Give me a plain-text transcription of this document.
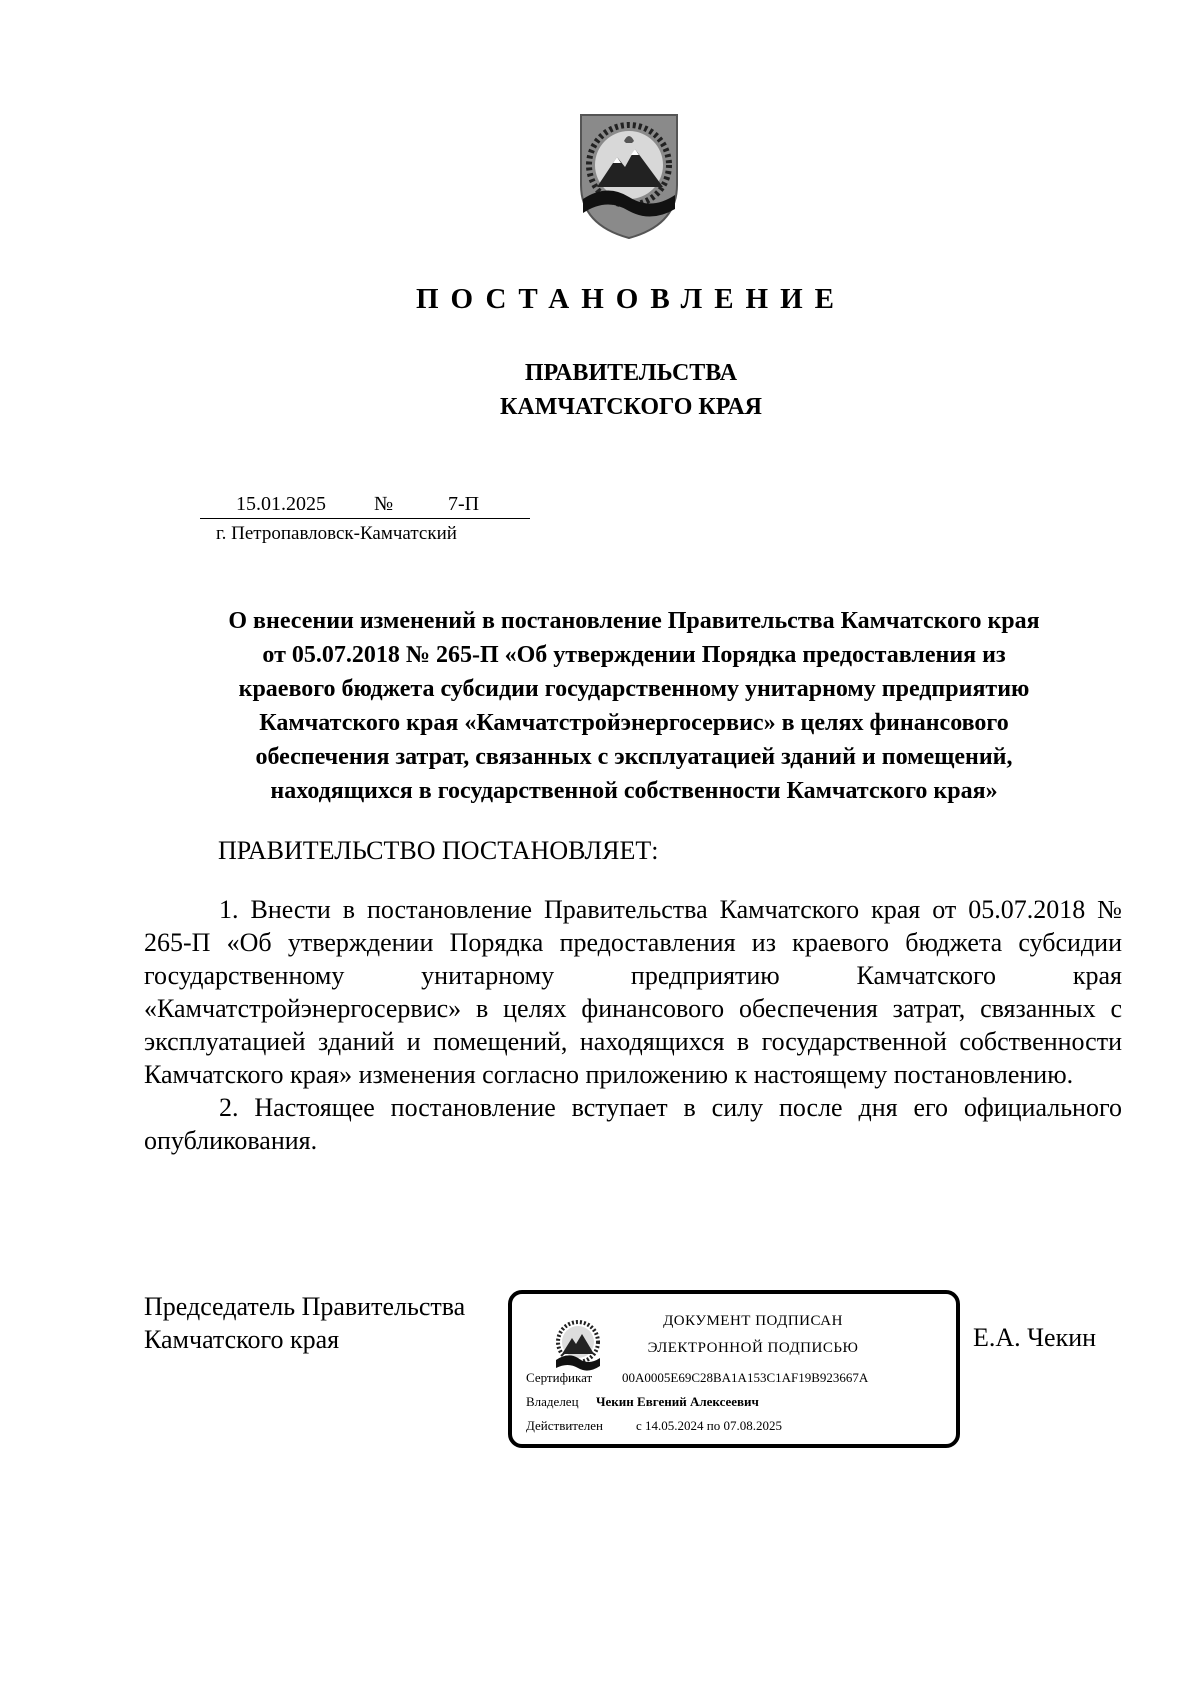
ПОСТАНОВЛЕНИЕ
ПРАВИТЕЛЬСТВА
КАМЧАТСКОГО КРАЯ
15.01.2025 №	7-П
г. Петропавловск-Камчатский
О внесении изменений в постановление Правительства Камчатского края
от 05.07.2018 № 265-П «Об утверждении Порядка предоставления из
краевого бюджета субсидии государственному унитарному предприятию
Камчатского края «Камчатстройэнергосервис» в целях финансового
обеспечения затрат, связанных с эксплуатацией зданий и помещений,
находящихся в государственной собственности Камчатского края»
ПРАВИТЕЛЬСТВО ПОСТАНОВЛЯЕТ:

1. Внести в постановление Правительства Камчатского края от 05.07.2018 № 265-П «Об утверждении Порядка предоставления из краевого бюджета субсидии государственному унитарному предприятию Камчатского края «Камчатстройэнергосервис» в целях финансового обеспечения затрат, связанных с эксплуатацией зданий и помещений, находящихся в государственной собственности Камчатского края» изменения согласно приложению к настоящему постановлению.

2. Настоящее постановление вступает в силу после дня его официального опубликования.

Председатель Правительства
Камчатского края
ДОКУМЕНТ ПОДПИСАН
ЭЛЕКТРОННОЙ ПОДПИСЬЮ
Сертификат 00A0005E69C28BA1A153C1AF19B923667A
Владелец Чекин Евгений Алексеевич
Действителен	с 14.05.2024 по 07.08.2025
Е.А. Чекин
